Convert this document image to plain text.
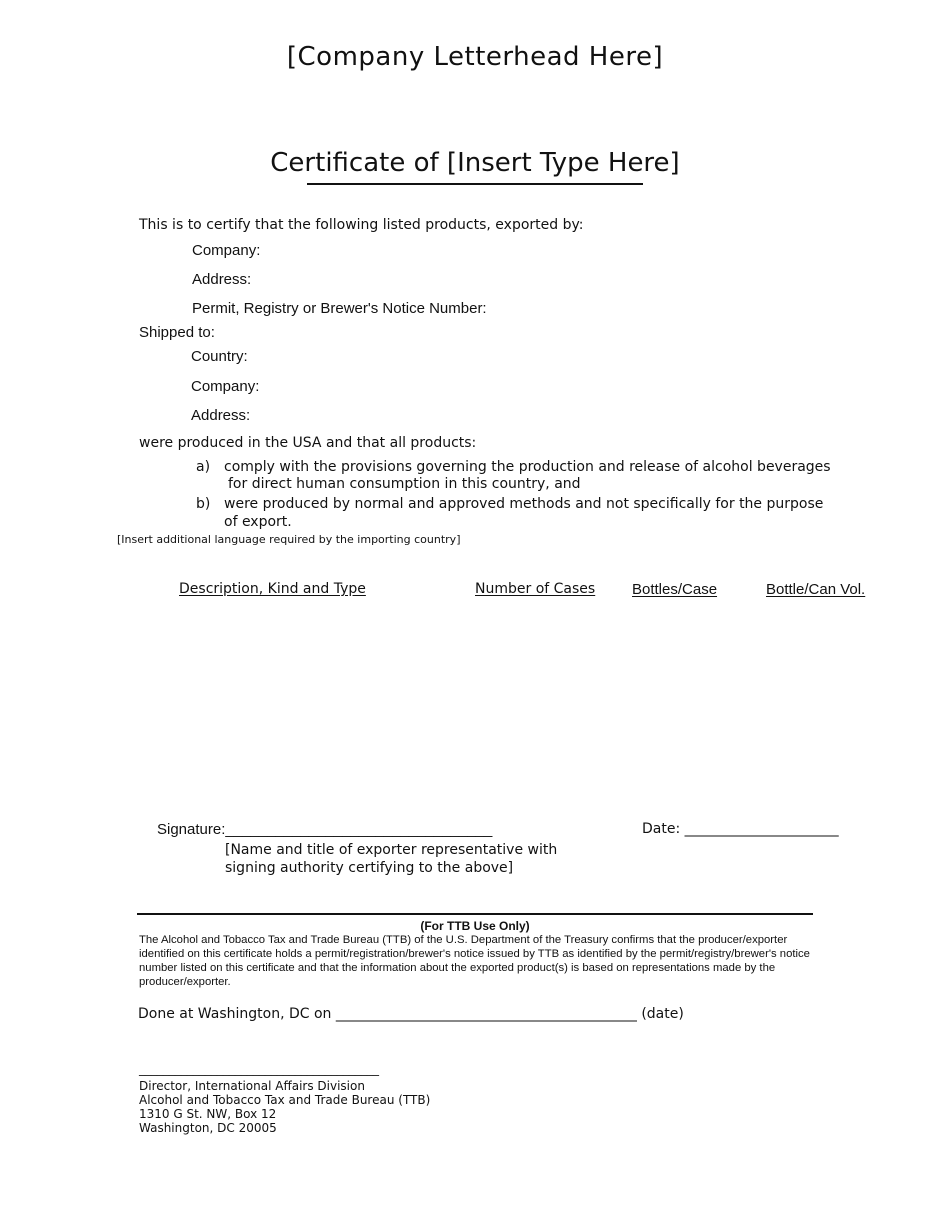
[Company Letterhead Here]
Certificate of [Insert Type Here]
This is to certify that the following listed products, exported by:
Company:
Address:
Permit, Registry or Brewer's Notice Number:
Shipped to:
Country:
Company:
Address:
were produced in the USA and that all products:
a) comply with the provisions governing the production and release of alcohol beverages
for direct human consumption in this country, and
b) were produced by normal and approved methods and not specifically for the purpose
of export.
[Insert additional language required by the importing country]
Description, Kind and Type	Number of Cases Bottles/Case	Bottle/Can Vol.
Signature:________________________________	Date: ______________________
[Name and title of exporter representative with
signing authority certifying to the above]
(For TTB Use Only)
The Alcohol and Tobacco Tax and Trade Bureau (TTB) of the U.S. Department of the Treasury confirms that the producer/exporter identified on this certificate holds a permit/registration/brewer's notice issued by TTB as identified by the permit/registry/brewer's notice number listed on this certificate and that the information about the exported product(s) is based on representations made by the producer/exporter.
Done at Washington, DC on ___________________________________________ (date)
________________________________________
Director, International Affairs Division
Alcohol and Tobacco Tax and Trade Bureau (TTB)
1310 G St. NW, Box 12
Washington, DC 20005
